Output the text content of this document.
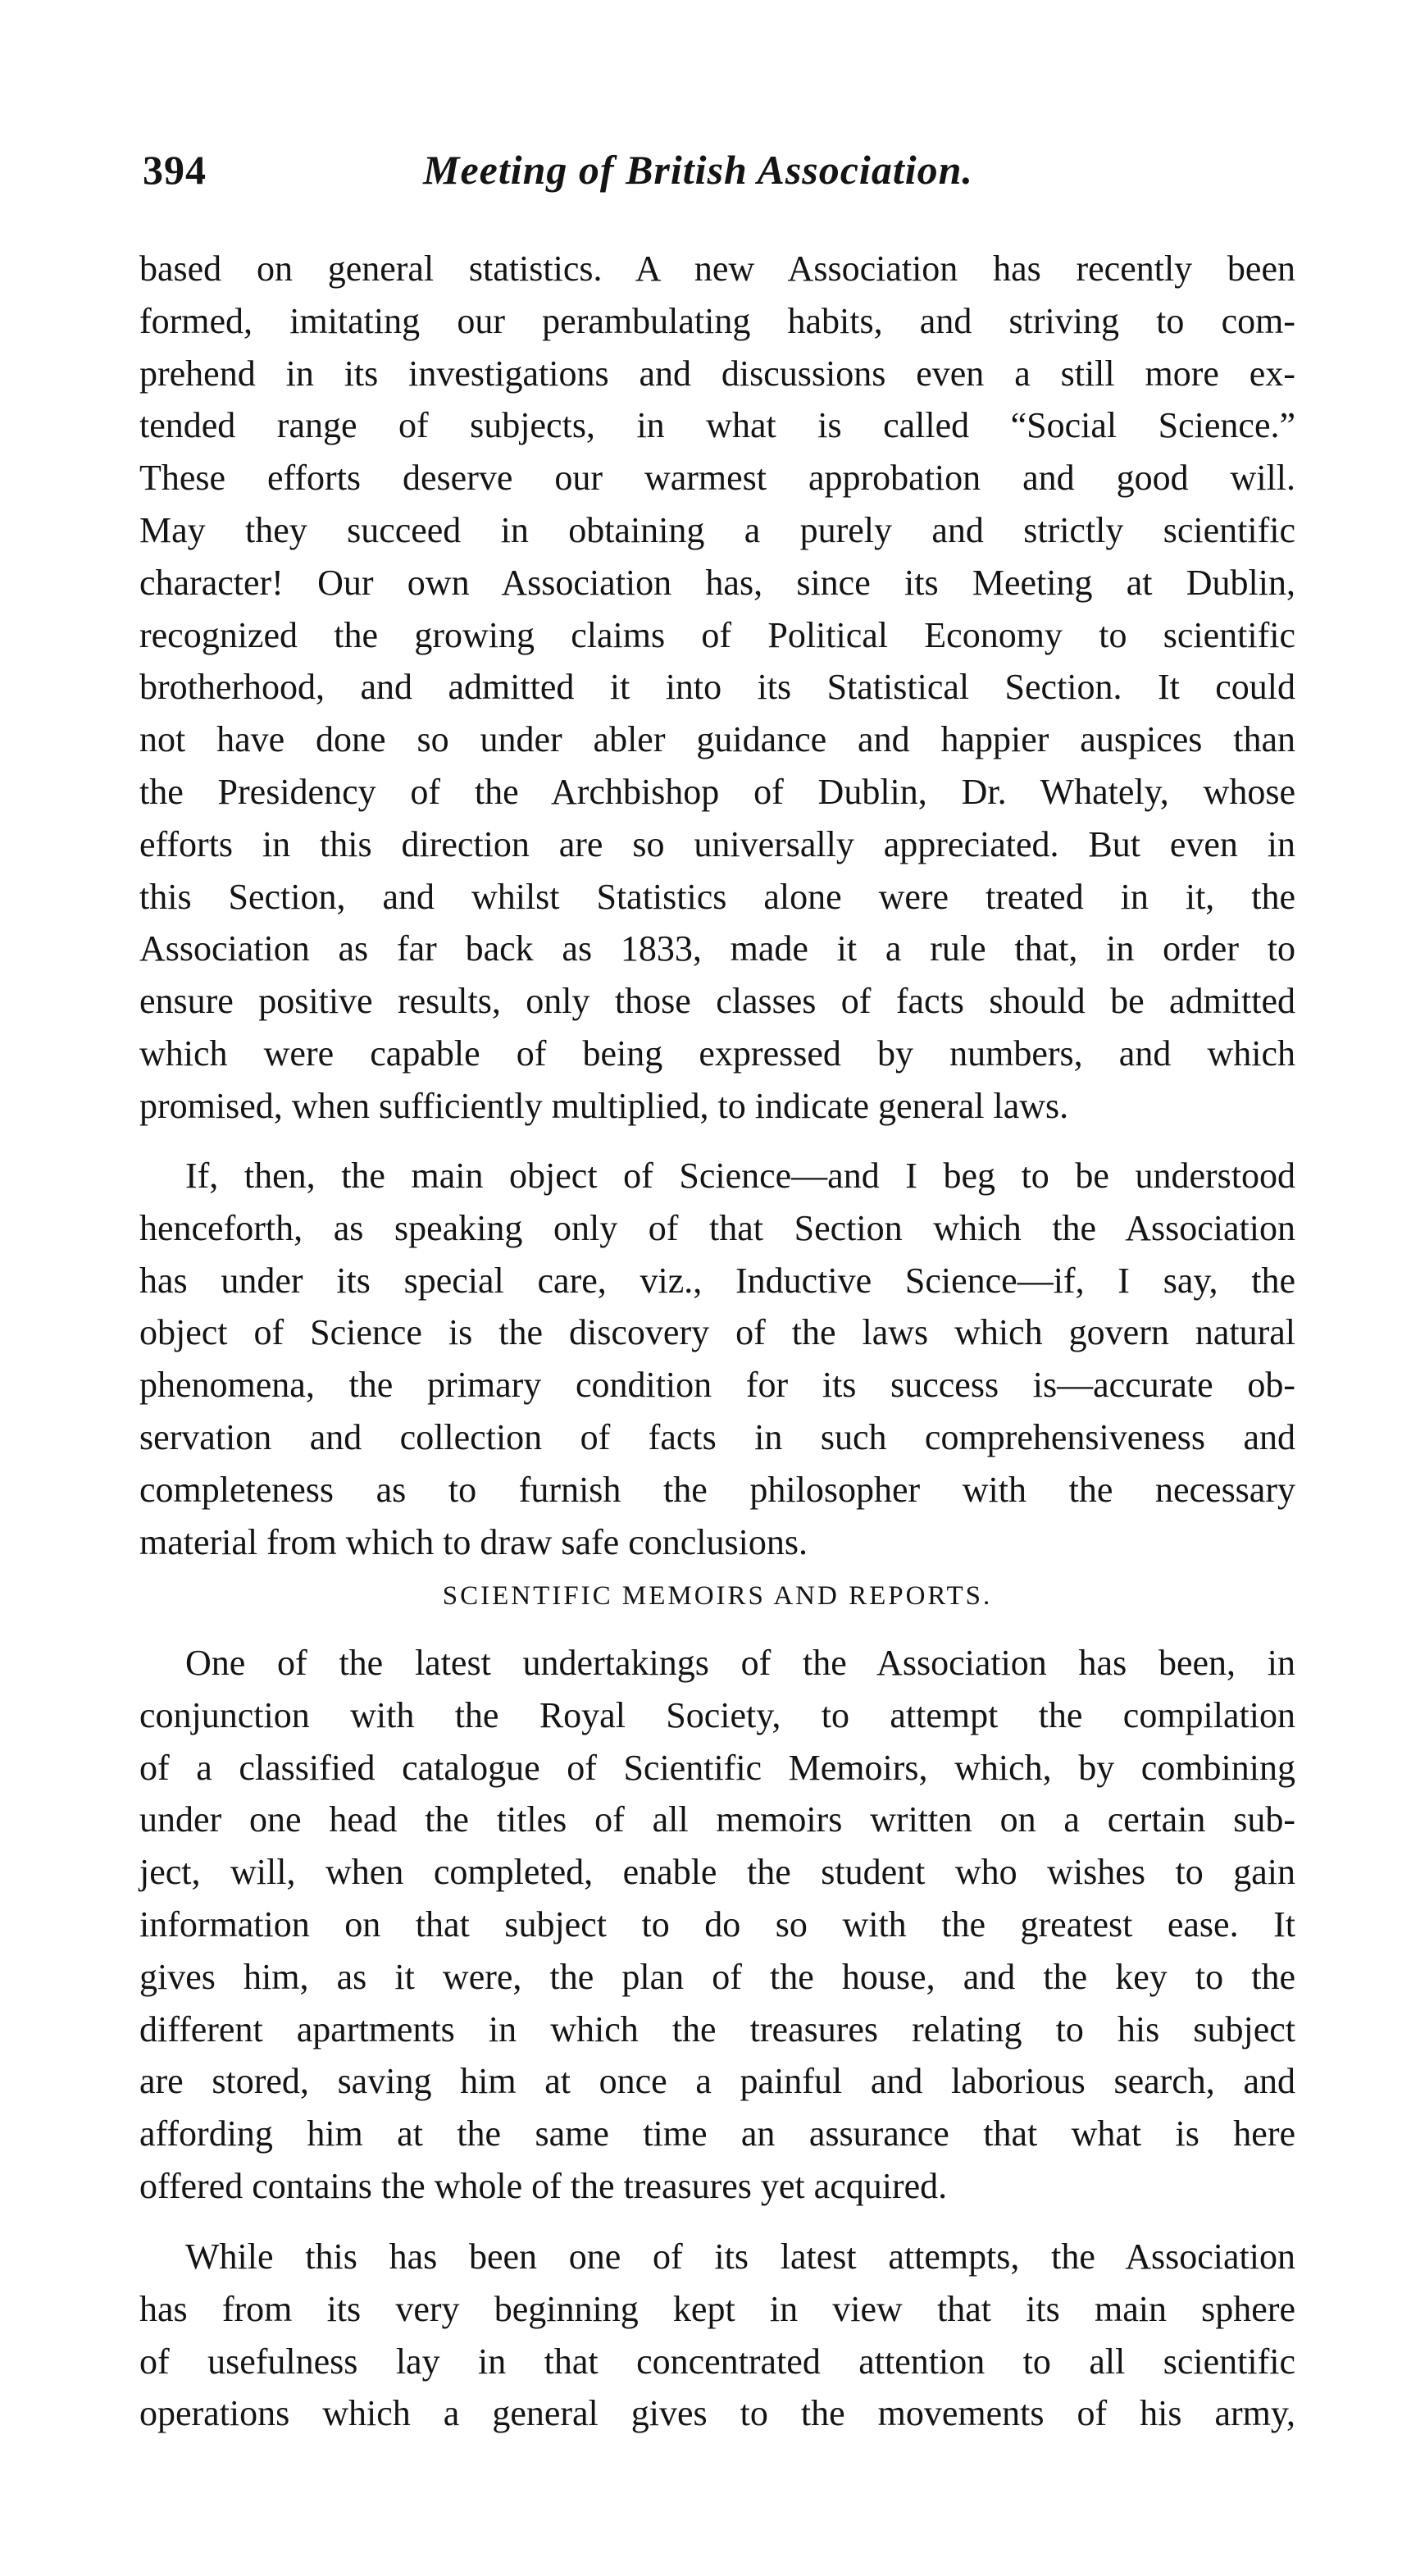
394	Meeting of British Association.
based on general statistics. A new Association has recently been
formed, imitating our perambulating habits, and striving to com-
prehend in its investigations and discussions even a still more ex-
tended range of subjects, in what is called “Social Science.”
These efforts deserve our warmest approbation and good will.
May they succeed in obtaining a purely and strictly scientific
character! Our own Association has, since its Meeting at Dublin,
recognized the growing claims of Political Economy to scientific
brotherhood, and admitted it into its Statistical Section. It could
not have done so under abler guidance and happier auspices than
the Presidency of the Archbishop of Dublin, Dr. Whately, whose
efforts in this direction are so universally appreciated. But even in
this Section, and whilst Statistics alone were treated in it, the
Association as far back as 1833, made it a rule that, in order to
ensure positive results, only those classes of facts should be admitted
which were capable of being expressed by numbers, and which
promised, when sufficiently multiplied, to indicate general laws.
If, then, the main object of Science—and I beg to be understood
henceforth, as speaking only of that Section which the Association
has under its special care, viz., Inductive Science—if, I say, the
object of Science is the discovery of the laws which govern natural
phenomena, the primary condition for its success is—accurate ob-
servation and collection of facts in such comprehensiveness and
completeness as to furnish the philosopher with the necessary
material from which to draw safe conclusions.
SCIENTIFIC MEMOIRS AND REPORTS.
One of the latest undertakings of the Association has been, in
conjunction with the Royal Society, to attempt the compilation
of a classified catalogue of Scientific Memoirs, which, by combining
under one head the titles of all memoirs written on a certain sub-
ject, will, when completed, enable the student who wishes to gain
information on that subject to do so with the greatest ease. It
gives him, as it were, the plan of the house, and the key to the
different apartments in which the treasures relating to his subject
are stored, saving him at once a painful and laborious search, and
affording him at the same time an assurance that what is here
offered contains the whole of the treasures yet acquired.
While this has been one of its latest attempts, the Association
has from its very beginning kept in view that its main sphere
of usefulness lay in that concentrated attention to all scientific
operations which a general gives to the movements of his army,
